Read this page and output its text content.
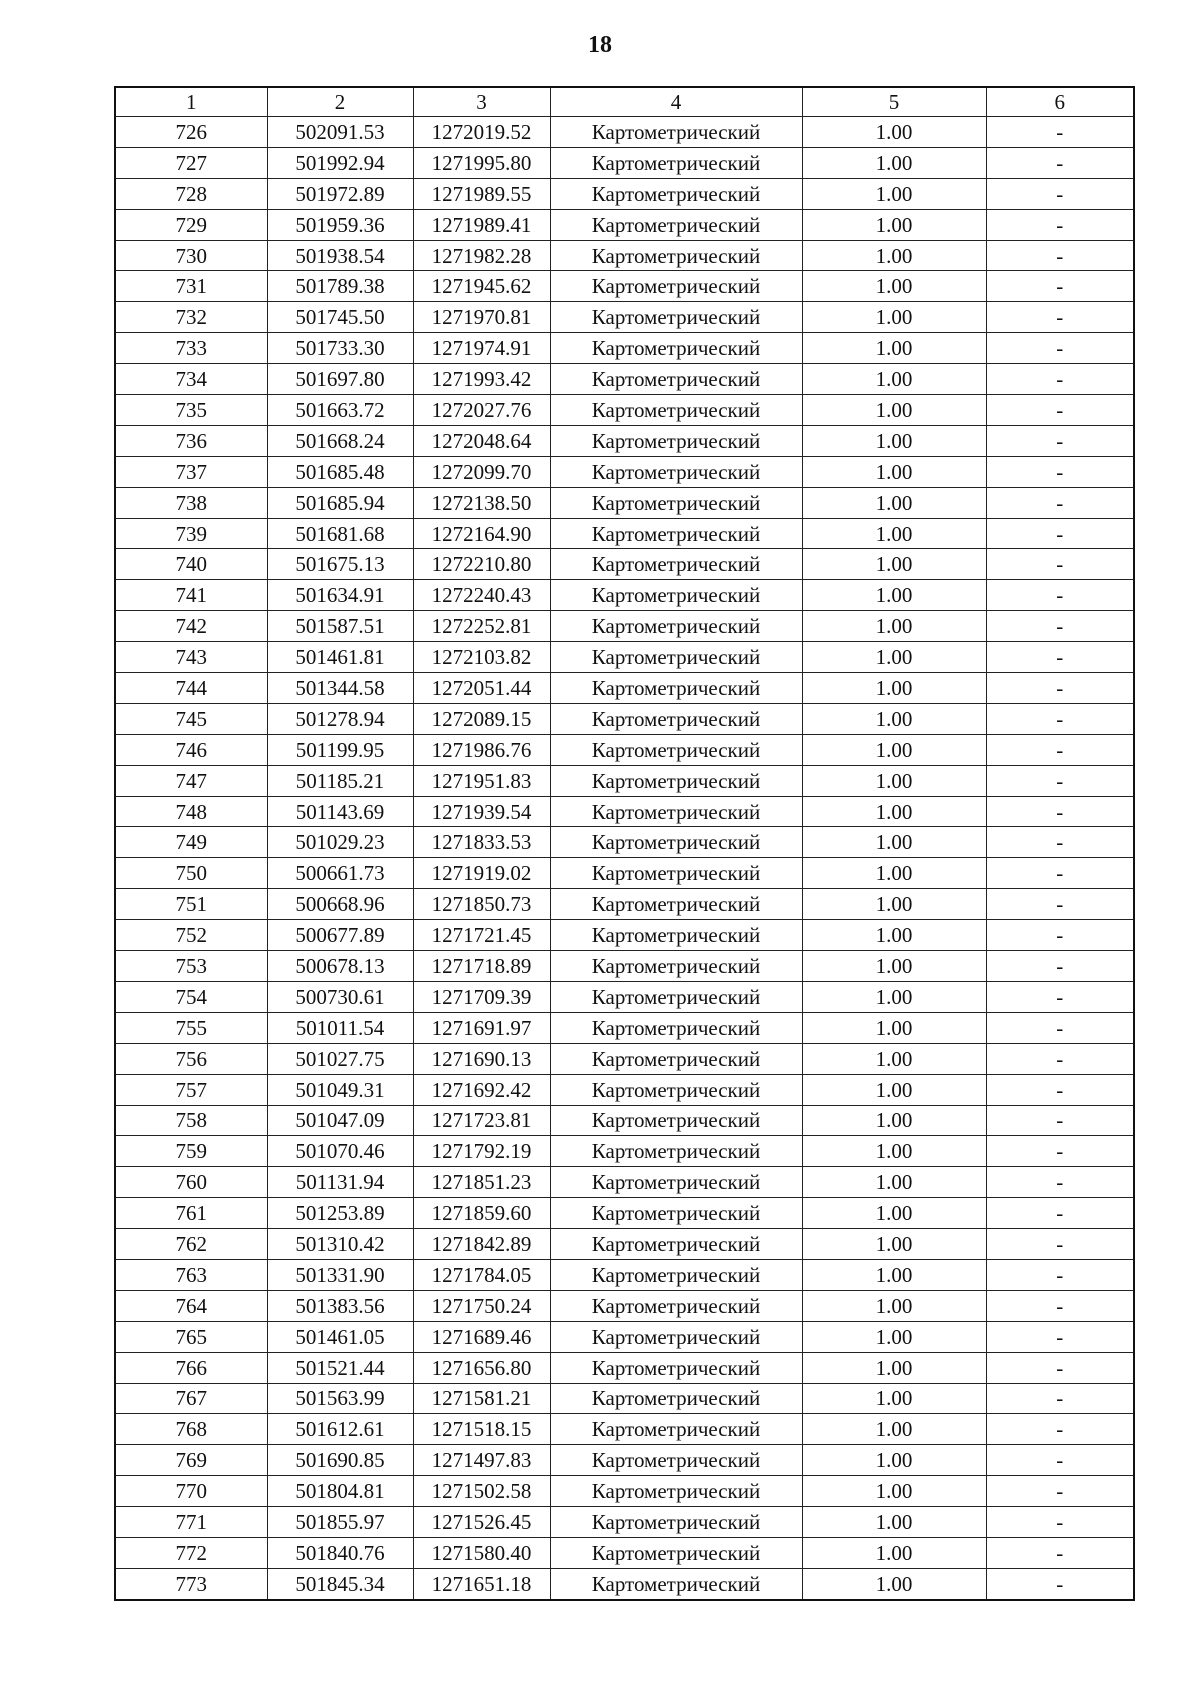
18
1	2	3	4	5	6
726	502091.53	1272019.52	Картометрический	1.00	-
727	501992.94	1271995.80	Картометрический	1.00	-
728	501972.89	1271989.55	Картометрический	1.00	-
729	501959.36	1271989.41	Картометрический	1.00	-
730	501938.54	1271982.28	Картометрический	1.00	-
731	501789.38	1271945.62	Картометрический	1.00	-
732	501745.50	1271970.81	Картометрический	1.00	-
733	501733.30	1271974.91	Картометрический	1.00	-
734	501697.80	1271993.42	Картометрический	1.00	-
735	501663.72	1272027.76	Картометрический	1.00	-
736	501668.24	1272048.64	Картометрический	1.00	-
737	501685.48	1272099.70	Картометрический	1.00	-
738	501685.94	1272138.50	Картометрический	1.00	-
739	501681.68	1272164.90	Картометрический	1.00	-
740	501675.13	1272210.80	Картометрический	1.00	-
741	501634.91	1272240.43	Картометрический	1.00	-
742	501587.51	1272252.81	Картометрический	1.00	-
743	501461.81	1272103.82	Картометрический	1.00	-
744	501344.58	1272051.44	Картометрический	1.00	-
745	501278.94	1272089.15	Картометрический	1.00	-
746	501199.95	1271986.76	Картометрический	1.00	-
747	501185.21	1271951.83	Картометрический	1.00	-
748	501143.69	1271939.54	Картометрический	1.00	-
749	501029.23	1271833.53	Картометрический	1.00	-
750	500661.73	1271919.02	Картометрический	1.00	-
751	500668.96	1271850.73	Картометрический	1.00	-
752	500677.89	1271721.45	Картометрический	1.00	-
753	500678.13	1271718.89	Картометрический	1.00	-
754	500730.61	1271709.39	Картометрический	1.00	-
755	501011.54	1271691.97	Картометрический	1.00	-
756	501027.75	1271690.13	Картометрический	1.00	-
757	501049.31	1271692.42	Картометрический	1.00	-
758	501047.09	1271723.81	Картометрический	1.00	-
759	501070.46	1271792.19	Картометрический	1.00	-
760	501131.94	1271851.23	Картометрический	1.00	-
761	501253.89	1271859.60	Картометрический	1.00	-
762	501310.42	1271842.89	Картометрический	1.00	-
763	501331.90	1271784.05	Картометрический	1.00	-
764	501383.56	1271750.24	Картометрический	1.00	-
765	501461.05	1271689.46	Картометрический	1.00	-
766	501521.44	1271656.80	Картометрический	1.00	-
767	501563.99	1271581.21	Картометрический	1.00	-
768	501612.61	1271518.15	Картометрический	1.00	-
769	501690.85	1271497.83	Картометрический	1.00	-
770	501804.81	1271502.58	Картометрический	1.00	-
771	501855.97	1271526.45	Картометрический	1.00	-
772	501840.76	1271580.40	Картометрический	1.00	-
773	501845.34	1271651.18	Картометрический	1.00	-
